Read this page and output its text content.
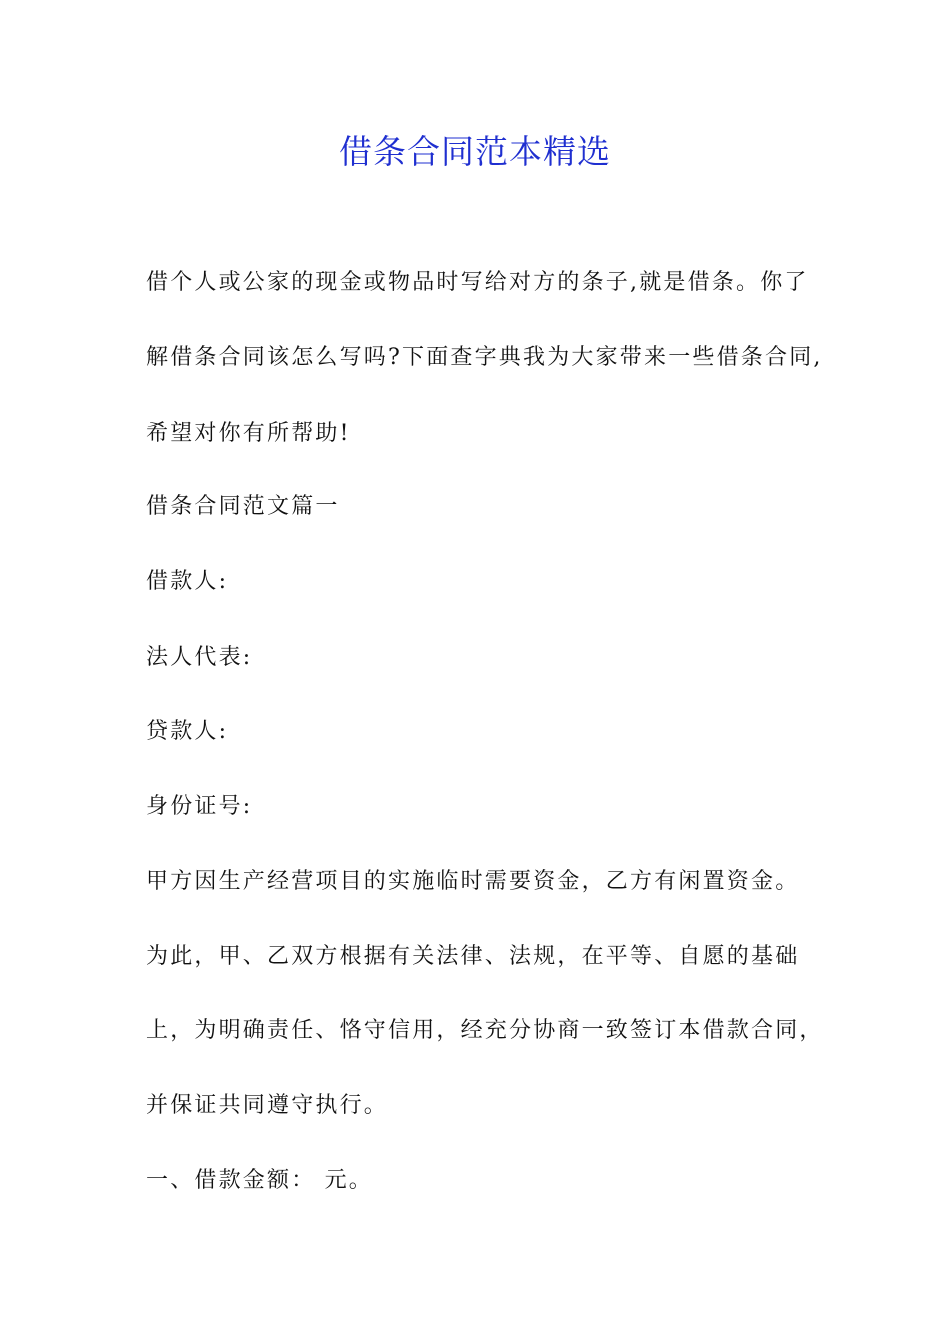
借条合同范本精选

借个人或公家的现金或物品时写给对方的条子,就是借条。你了

解借条合同该怎么写吗?下面查字典我为大家带来一些借条合同,

希望对你有所帮助!

借条合同范文篇一

借款人:

法人代表:

贷款人:

身份证号:

甲方因生产经营项目的实施临时需要资金，乙方有闲置资金。

为此，甲、乙双方根据有关法律、法规，在平等、自愿的基础

上，为明确责任、恪守信用，经充分协商一致签订本借款合同，

并保证共同遵守执行。

一、借款金额： 元。
